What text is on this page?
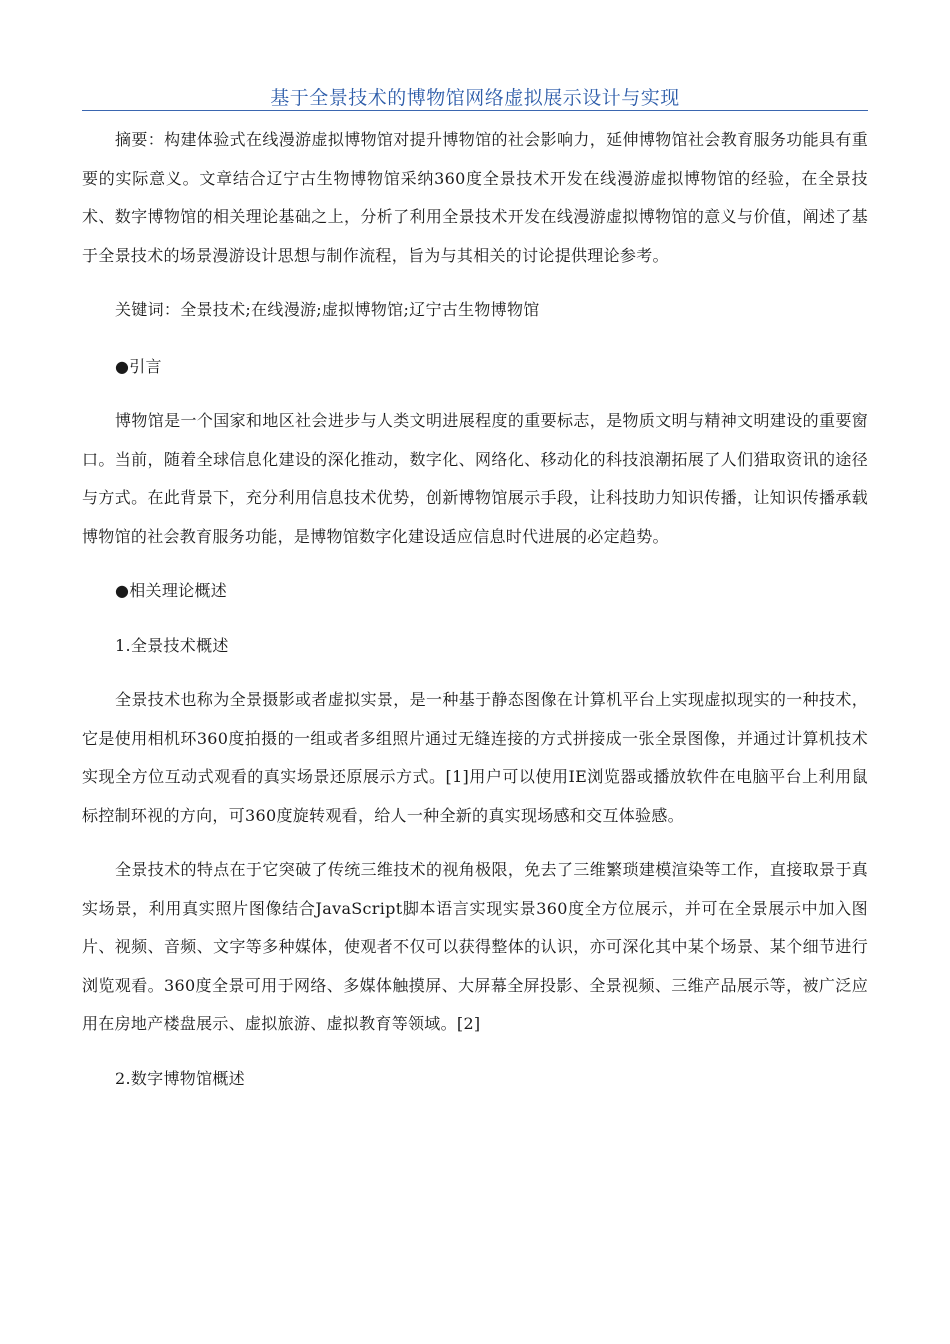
基于全景技术的博物馆网络虚拟展示设计与实现

摘要：构建体验式在线漫游虚拟博物馆对提升博物馆的社会影响力，延伸博物馆社会教育服务功能具有重要的实际意义。文章结合辽宁古生物博物馆采纳360度全景技术开发在线漫游虚拟博物馆的经验，在全景技术、数字博物馆的相关理论基础之上，分析了利用全景技术开发在线漫游虚拟博物馆的意义与价值，阐述了基于全景技术的场景漫游设计思想与制作流程，旨为与其相关的讨论提供理论参考。

关键词：全景技术;在线漫游;虚拟博物馆;辽宁古生物博物馆

●引言

博物馆是一个国家和地区社会进步与人类文明进展程度的重要标志，是物质文明与精神文明建设的重要窗口。当前，随着全球信息化建设的深化推动，数字化、网络化、移动化的科技浪潮拓展了人们猎取资讯的途径与方式。在此背景下，充分利用信息技术优势，创新博物馆展示手段，让科技助力知识传播，让知识传播承载博物馆的社会教育服务功能，是博物馆数字化建设适应信息时代进展的必定趋势。

●相关理论概述

1.全景技术概述

全景技术也称为全景摄影或者虚拟实景，是一种基于静态图像在计算机平台上实现虚拟现实的一种技术，它是使用相机环360度拍摄的一组或者多组照片通过无缝连接的方式拼接成一张全景图像，并通过计算机技术实现全方位互动式观看的真实场景还原展示方式。[1]用户可以使用IE浏览器或播放软件在电脑平台上利用鼠标控制环视的方向，可360度旋转观看，给人一种全新的真实现场感和交互体验感。

全景技术的特点在于它突破了传统三维技术的视角极限，免去了三维繁琐建模渲染等工作，直接取景于真实场景，利用真实照片图像结合JavaScript脚本语言实现实景360度全方位展示，并可在全景展示中加入图片、视频、音频、文字等多种媒体，使观者不仅可以获得整体的认识，亦可深化其中某个场景、某个细节进行浏览观看。360度全景可用于网络、多媒体触摸屏、大屏幕全屏投影、全景视频、三维产品展示等，被广泛应用在房地产楼盘展示、虚拟旅游、虚拟教育等领域。[2]

2.数字博物馆概述
